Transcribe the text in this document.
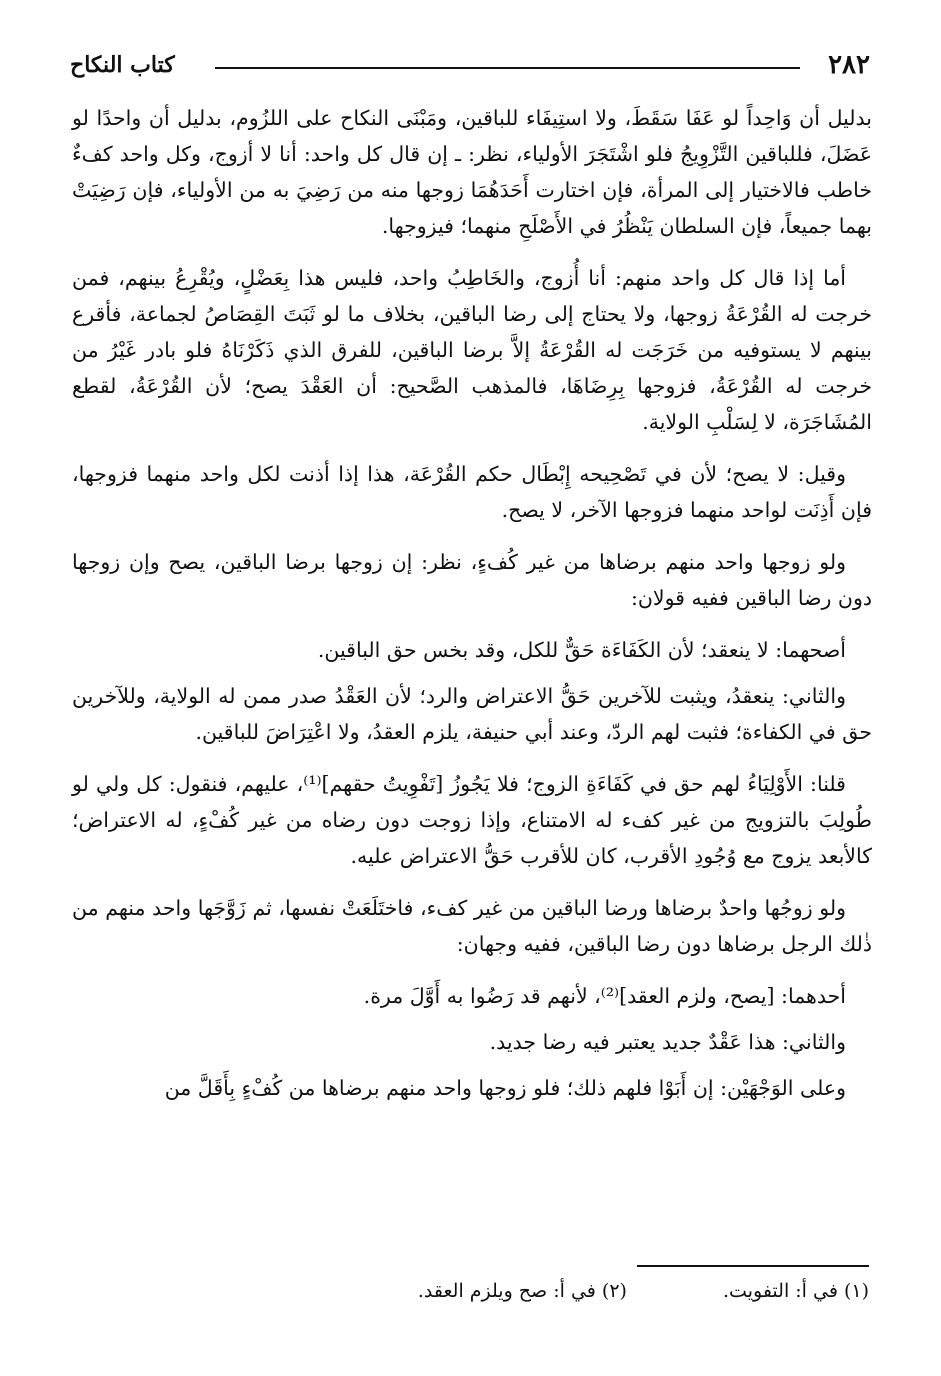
٢٨٢
كتاب النكاح

بدليل أن وَاحِداً لو عَفَا سَقَطَ، ولا استِيفَاء للباقين، ومَبْنَى النكاح على اللزُوم، بدليل أن واحدًا لو عَضَلَ، فللباقين التَّزْوِيجُ فلو اشْتَجَرَ الأولياء، نظر: ـ إن قال كل واحد: أنا لا أزوج، وكل واحد كفءٌ خاطب فالاختيار إلى المرأة، فإن اختارت أَحَدَهُمَا زوجها منه من رَضِيَ به من الأولياء، فإن رَضِيَتْ بهما جميعاً، فإن السلطان يَنْظُرُ في الأَصْلَحِ منهما؛ فيزوجها.

أما إذا قال كل واحد منهم: أنا أُزوج، والخَاطِبُ واحد، فليس هذا بِعَضْلٍ، ويُقْرِعُ بينهم، فمن خرجت له القُرْعَةُ زوجها، ولا يحتاج إلى رضا الباقين، بخلاف ما لو ثَبَتَ القِصَاصُ لجماعة، فأقرع بينهم لا يستوفيه من خَرَجَت له القُرْعَةُ إلاَّ برضا الباقين، للفرق الذي ذَكَرْنَاهُ فلو بادر غَيْرُ من خرجت له القُرْعَةُ، فزوجها بِرِضَاهَا، فالمذهب الصَّحيح: أن العَقْدَ يصح؛ لأن القُرْعَةُ، لقطع المُشَاجَرَة، لا لِسَلْبِ الولاية.

وقيل: لا يصح؛ لأن في تَصْحِيحه إِبْطَال حكم القُرْعَة، هذا إذا أذنت لكل واحد منهما فزوجها، فإن أَذِنَت لواحد منهما فزوجها الآخر، لا يصح.

ولو زوجها واحد منهم برضاها من غير كُفءٍ، نظر: إن زوجها برضا الباقين، يصح وإن زوجها دون رضا الباقين ففيه قولان:

أصحهما: لا ينعقد؛ لأن الكَفَاءَة حَقٌّ للكل، وقد بخس حق الباقين.

والثاني: ينعقدُ، ويثبت للآخرين حَقُّ الاعتراض والرد؛ لأن العَقْدُ صدر ممن له الولاية، وللآخرين حق في الكفاءة؛ فثبت لهم الردّ، وعند أبي حنيفة، يلزم العقدُ، ولا اعْتِرَاضَ للباقين.

قلنا: الأَوْلِيَاءُ لهم حق في كَفَاءَةِ الزوج؛ فلا يَجُوزُ [تَفْوِيتُ حقهم]⁽¹⁾، عليهم، فنقول: كل ولي لو طُولِبَ بالتزويج من غير كفء له الامتناع، وإذا زوجت دون رضاه من غير كُفْءٍ، له الاعتراض؛ كالأبعد يزوج مع وُجُودِ الأقرب، كان للأقرب حَقُّ الاعتراض عليه.

ولو زوجُها واحدٌ برضاها ورضا الباقين من غير كفء، فاختَلَعَتْ نفسها، ثم زَوَّجَها واحد منهم من ذٰلك الرجل برضاها دون رضا الباقين، ففيه وجهان:

أحدهما: [يصح، ولزم العقد]⁽²⁾، لأنهم قد رَضُوا به أَوَّلَ مرة.

والثاني: هذا عَقْدٌ جديد يعتبر فيه رضا جديد.

وعلى الوَجْهَيْن: إن أَبَوْا فلهم ذلك؛ فلو زوجها واحد منهم برضاها من كُفْءٍ بِأَقَلَّ من

(١) في أ: التفويت. (٢) في أ: صح ويلزم العقد.
